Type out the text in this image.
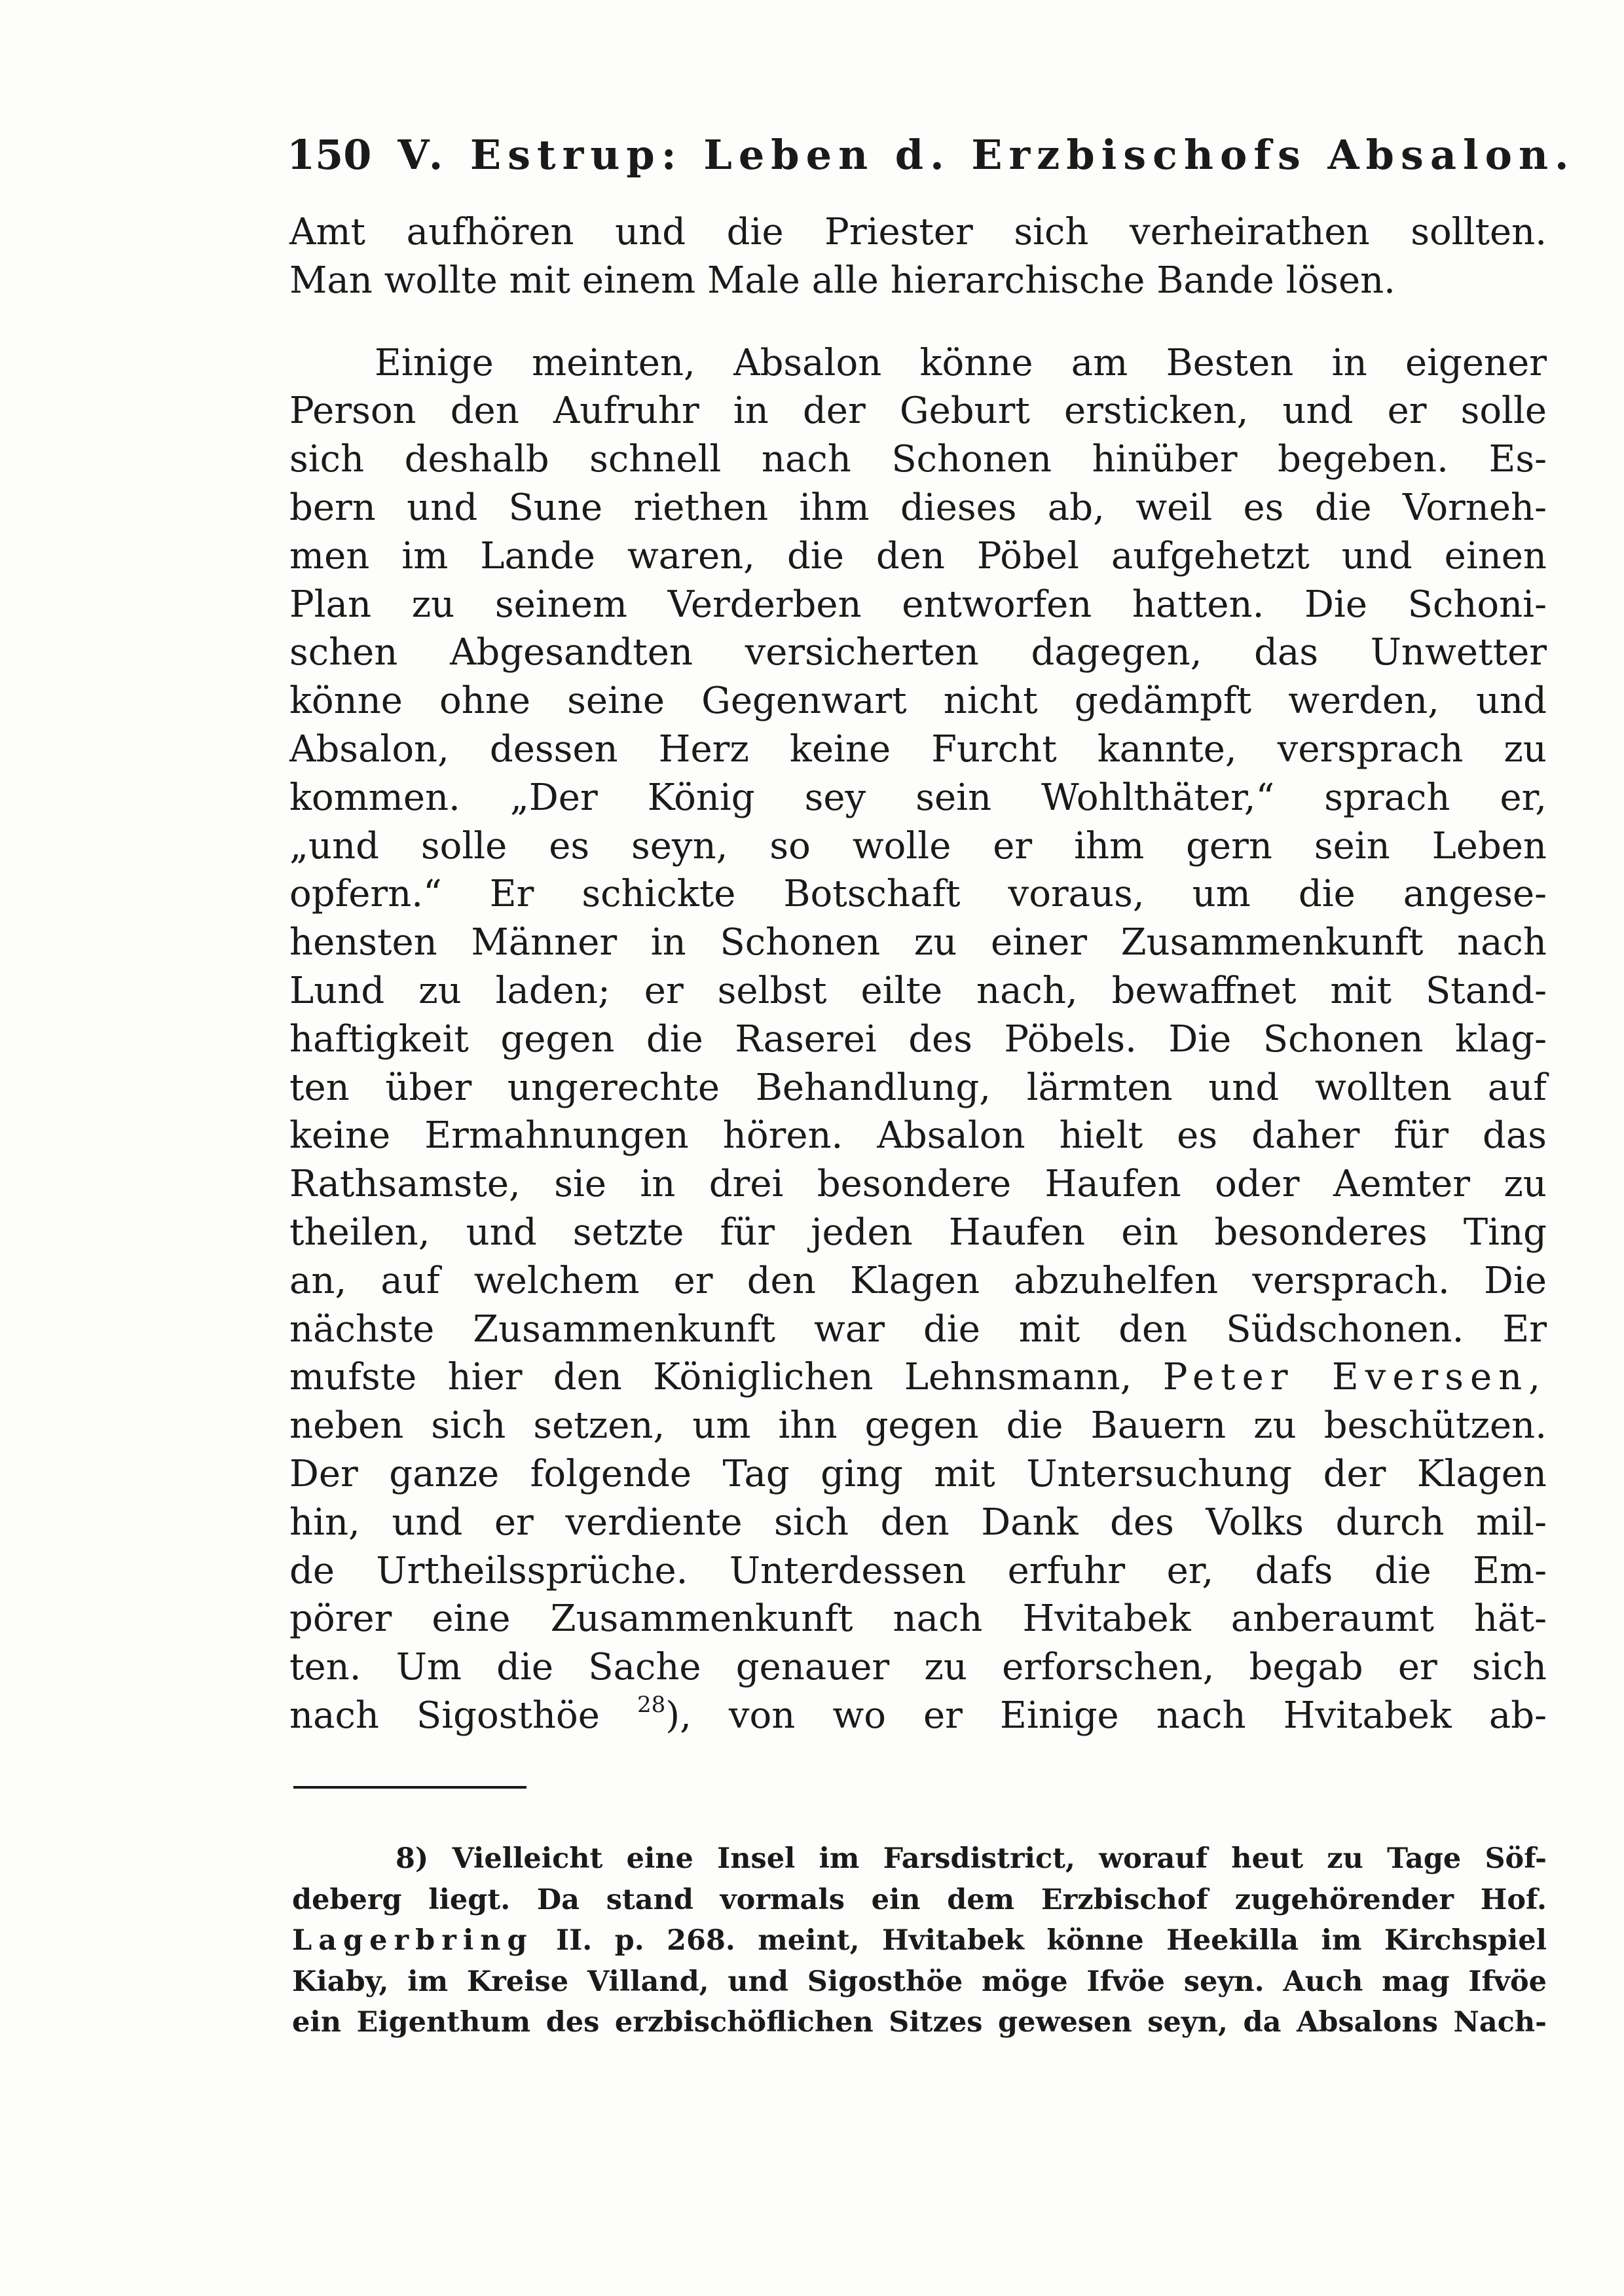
150 V. Estrup: Leben d. Erzbischofs Absalon.
Amt aufhören und die Priester sich verheirathen sollten.
Man wollte mit einem Male alle hierarchische Bande lösen.
Einige meinten, Absalon könne am Besten in eigener
Person den Aufruhr in der Geburt ersticken, und er solle
sich deshalb schnell nach Schonen hinüber begeben. Es-
bern und Sune riethen ihm dieses ab, weil es die Vorneh-
men im Lande waren, die den Pöbel aufgehetzt und einen
Plan zu seinem Verderben entworfen hatten. Die Schoni-
schen Abgesandten versicherten dagegen, das Unwetter
könne ohne seine Gegenwart nicht gedämpft werden, und
Absalon, dessen Herz keine Furcht kannte, versprach zu
kommen. „Der König sey sein Wohlthäter,“ sprach er,
„und solle es seyn, so wolle er ihm gern sein Leben
opfern.“ Er schickte Botschaft voraus, um die angese-
hensten Männer in Schonen zu einer Zusammenkunft nach
Lund zu laden; er selbst eilte nach, bewaffnet mit Stand-
haftigkeit gegen die Raserei des Pöbels. Die Schonen klag-
ten über ungerechte Behandlung, lärmten und wollten auf
keine Ermahnungen hören. Absalon hielt es daher für das
Rathsamste, sie in drei besondere Haufen oder Aemter zu
theilen, und setzte für jeden Haufen ein besonderes Ting
an, auf welchem er den Klagen abzuhelfen versprach. Die
nächste Zusammenkunft war die mit den Südschonen. Er
mufste hier den Königlichen Lehnsmann, Peter Eversen,
neben sich setzen, um ihn gegen die Bauern zu beschützen.
Der ganze folgende Tag ging mit Untersuchung der Klagen
hin, und er verdiente sich den Dank des Volks durch mil-
de Urtheilssprüche. Unterdessen erfuhr er, dafs die Em-
pörer eine Zusammenkunft nach Hvitabek anberaumt hät-
ten. Um die Sache genauer zu erforschen, begab er sich
nach Sigosthöe $^{28}$), von wo er Einige nach Hvitabek ab-
8) Vielleicht eine Insel im Farsdistrict, worauf heut zu Tage Söf-
deberg liegt. Da stand vormals ein dem Erzbischof zugehörender Hof.
Lagerbring II. p. 268. meint, Hvitabek könne Heekilla im Kirchspiel
Kiaby, im Kreise Villand, und Sigosthöe möge Ifvöe seyn. Auch mag Ifvöe
ein Eigenthum des erzbischöflichen Sitzes gewesen seyn, da Absalons Nach-
